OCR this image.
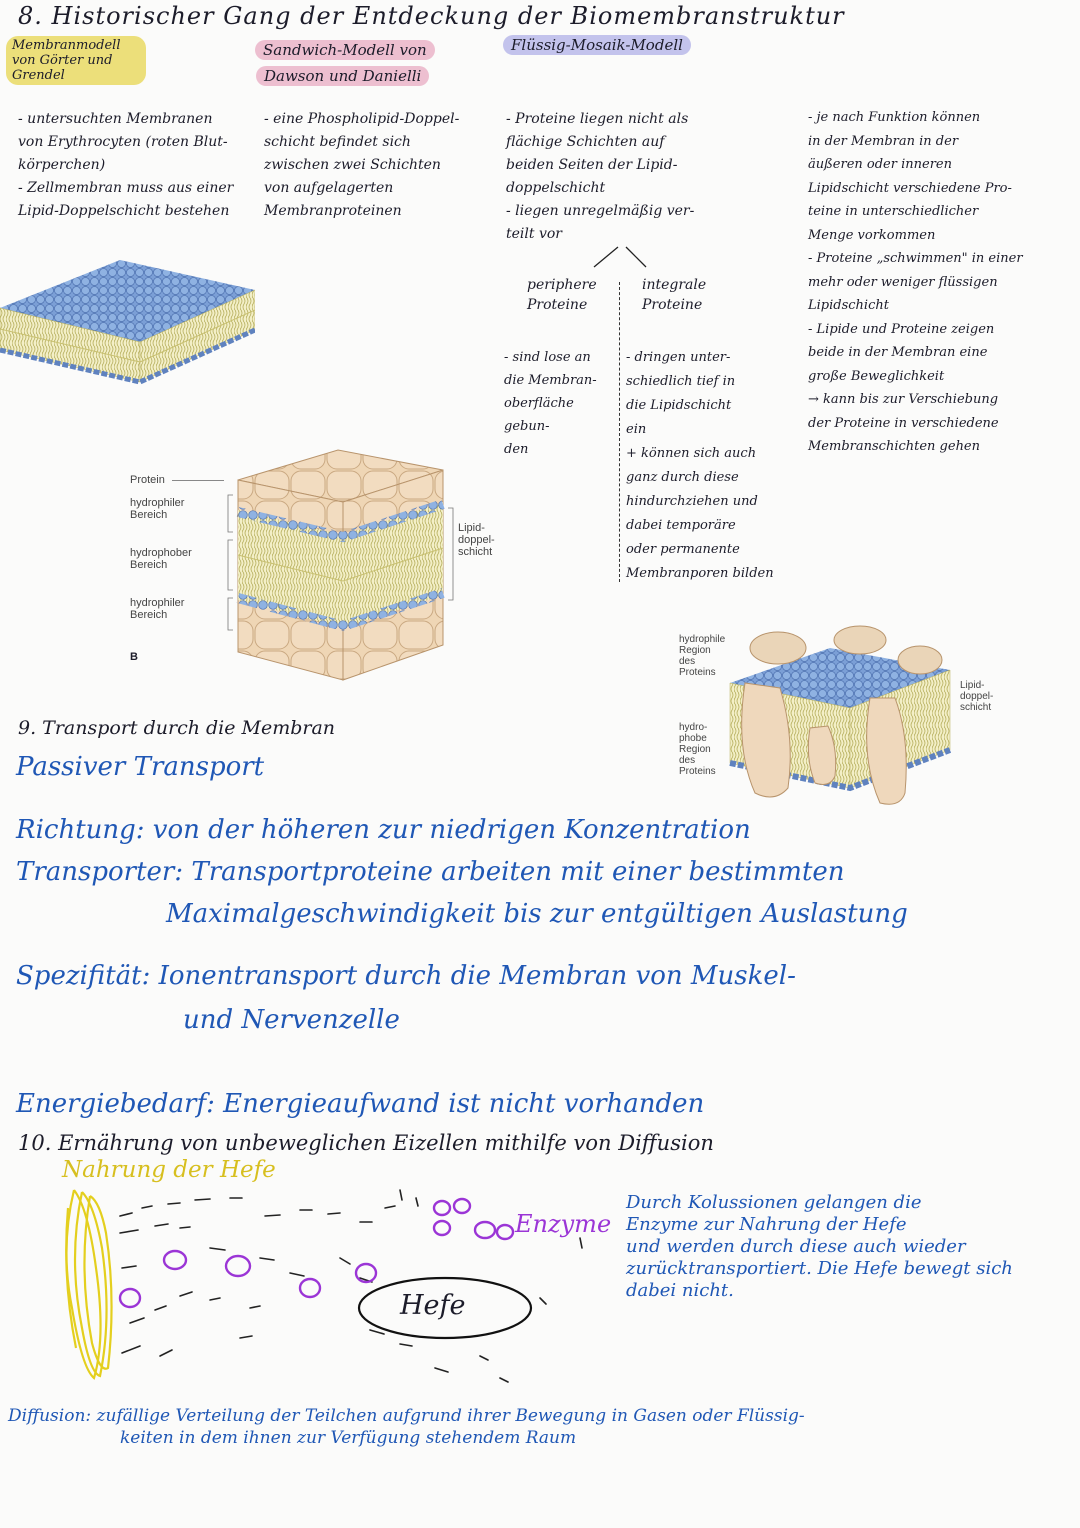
8. Historischer Gang der Entdeckung der Biomembranstruktur
Membranmodell
von Görter und
Grendel
Sandwich-Modell von
Dawson und Danielli
Flüssig-Mosaik-Modell
- untersuchten Membranen
von Erythrocyten (roten Blut-
körperchen)
- Zellmembran muss aus einer
Lipid-Doppelschicht bestehen
- eine Phospholipid-Doppel-
schicht befindet sich
zwischen zwei Schichten
von aufgelagerten
Membranproteinen
- Proteine liegen nicht als
flächige Schichten auf
beiden Seiten der Lipid-
doppelschicht
- liegen unregelmäßig ver-
teilt vor
periphere
Proteine
integrale
Proteine
- sind lose an
die Membran-
oberfläche gebun-
den
- dringen unter-
schiedlich tief in
die Lipidschicht
ein
+ können sich auch
ganz durch diese
hindurchziehen und
dabei temporäre
oder permanente
Membranporen bilden
- je nach Funktion können
in der Membran in der
äußeren oder inneren
Lipidschicht verschiedene Pro-
teine in unterschiedlicher
Menge vorkommen
- Proteine „schwimmen" in einer
mehr oder weniger flüssigen
Lipidschicht
- Lipide und Proteine zeigen
beide in der Membran eine
große Beweglichkeit
→ kann bis zur Verschiebung
der Proteine in verschiedene
Membranschichten gehen
Protein
hydrophiler
Bereich
hydrophober
Bereich
hydrophiler
Bereich
B
Lipid-
doppel-
schicht
hydrophile
Region
des
Proteins
hydro-
phobe
Region
des
Proteins
Lipid-
doppel-
schicht
9. Transport durch die Membran
Passiver Transport
Richtung: von der höheren zur niedrigen Konzentration
Transporter: Transportproteine arbeiten mit einer bestimmten
Maximalgeschwindigkeit bis zur entgültigen Auslastung
Spezifität: Ionentransport durch die Membran von Muskel-
und Nervenzelle
Energiebedarf: Energieaufwand ist nicht vorhanden
10. Ernährung von unbeweglichen Eizellen mithilfe von Diffusion
Nahrung der Hefe
Enzyme
Hefe
Durch Kolussionen gelangen die
Enzyme zur Nahrung der Hefe
und werden durch diese auch wieder
zurücktransportiert. Die Hefe bewegt sich
dabei nicht.
Diffusion: zufällige Verteilung der Teilchen aufgrund ihrer Bewegung in Gasen oder Flüssig-
keiten in dem ihnen zur Verfügung stehendem Raum
